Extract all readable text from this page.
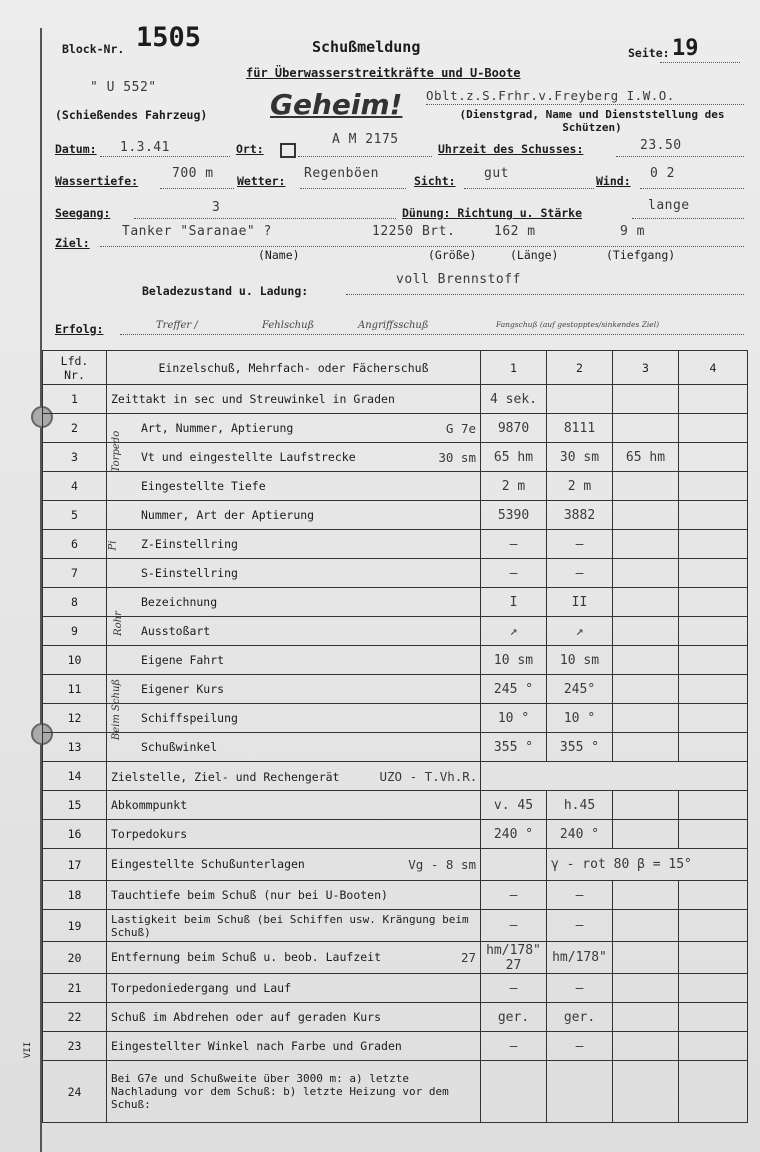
VII
Block-Nr. 1505	Schußmeldung
für Überwasserstreitkräfte und U-Boote
Seite: 19
" U 552"
(Schießendes Fahrzeug) Geheim! Oblt.z.S.Frhr.v.Freyberg I.W.O.
(Dienstgrad, Name und Dienststellung des Schützen)
Datum: 1.3.41	Ort:
A M 2175
Uhrzeit des Schusses:	23.50
Wassertiefe:	700 m Wetter: Regenböen	Sicht: gut	Wind: 0 2
Seegang:	3	Dünung: Richtung u. Stärke	lange
Ziel:
Tanker "Saranae" ?	12250 Brt.	162 m	9 m
(Name)	(Größe)	(Länge)	(Tiefgang)
Beladezustand u. Ladung:
voll Brennstoff
Erfolg:	Treffer /	Fehlschuß	Angriffsschuß	Fangschuß (auf gestopptes/sinkendes Ziel)
Lfd. Nr.	Einzelschuß, Mehrfach- oder Fächerschuß	1	2	3	4
1	Zeittakt in sec und Streuwinkel in Graden	4 sek.			
2	Art, Nummer, Aptierung G 7e	9870	8111		
3	Vt und eingestellte Laufstrecke 30 sm	65 hm	30 sm	65 hm	
4	Eingestellte Tiefe	2 m	2 m		
5	Nummer, Art der Aptierung	5390	3882		
6	Z-Einstellring	–	–		
7	S-Einstellring	–	–		
8	Bezeichnung	I	II		
9	Ausstoßart	↗	↗		
10	Eigene Fahrt	10 sm	10 sm		
11	Eigener Kurs	245 °	245°		
12	Schiffspeilung	10 °	10 °		
13	Schußwinkel	355 °	355 °		
14	Zielstelle, Ziel- und Rechengerät UZO - T.Vh.R.				
15	Abkommpunkt	v. 45	h.45		
16	Torpedokurs	240 °	240 °		
17	Eingestellte Schußunterlagen Vg - 8 sm		γ - rot 80 β = 15°		
18	Tauchtiefe beim Schuß (nur bei U-Booten)	–	–		
19	Lastigkeit beim Schuß (bei Schiffen usw. Krängung beim Schuß)	–	–		
20	Entfernung beim Schuß u. beob. Laufzeit 27	hm/178" 27	hm/178"		
21	Torpedoniedergang und Lauf	–	–		
22	Schuß im Abdrehen oder auf geraden Kurs	ger.	ger.		
23	Eingestellter Winkel nach Farbe und Graden	–	–		
24	Bei G7e und Schußweite über 3000 m: a) letzte Nachladung vor dem Schuß: b) letzte Heizung vor dem Schuß:				
Torpedo
Pi
Rohr
Beim Schuß
